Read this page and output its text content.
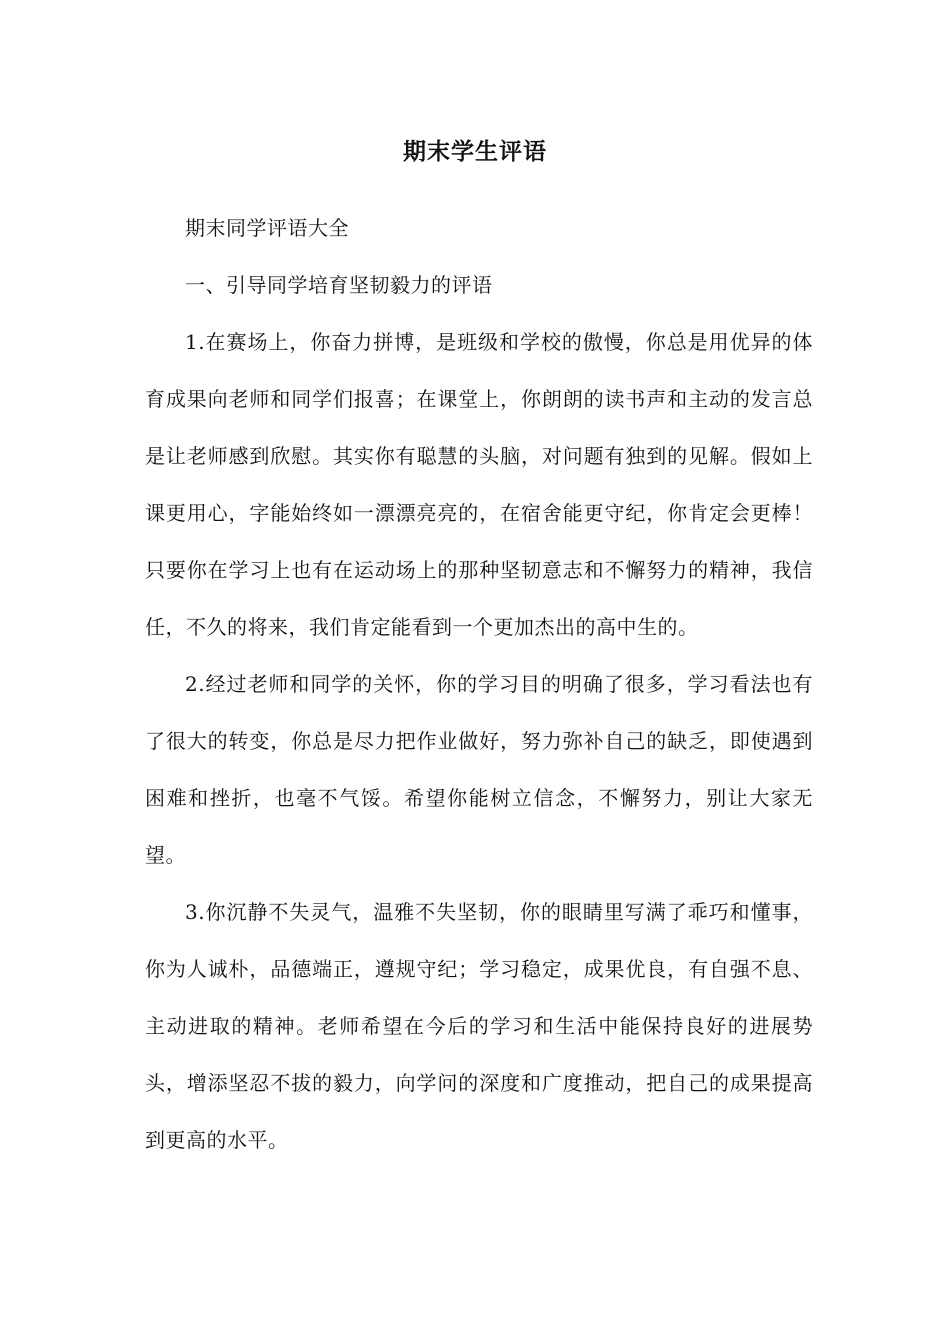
期末学生评语

期末同学评语大全

一、引导同学培育坚韧毅力的评语

1.在赛场上，你奋力拼博，是班级和学校的傲慢，你总是用优异的体育成果向老师和同学们报喜；在课堂上，你朗朗的读书声和主动的发言总是让老师感到欣慰。其实你有聪慧的头脑，对问题有独到的见解。假如上课更用心，字能始终如一漂漂亮亮的，在宿舍能更守纪，你肯定会更棒！只要你在学习上也有在运动场上的那种坚韧意志和不懈努力的精神，我信任，不久的将来，我们肯定能看到一个更加杰出的高中生的。

2.经过老师和同学的关怀，你的学习目的明确了很多，学习看法也有了很大的转变，你总是尽力把作业做好，努力弥补自己的缺乏，即使遇到困难和挫折，也毫不气馁。希望你能树立信念，不懈努力，别让大家无望。

3.你沉静不失灵气，温雅不失坚韧，你的眼睛里写满了乖巧和懂事，你为人诚朴，品德端正，遵规守纪；学习稳定，成果优良，有自强不息、主动进取的精神。老师希望在今后的学习和生活中能保持良好的进展势头，增添坚忍不拔的毅力，向学问的深度和广度推动，把自己的成果提高到更高的水平。
